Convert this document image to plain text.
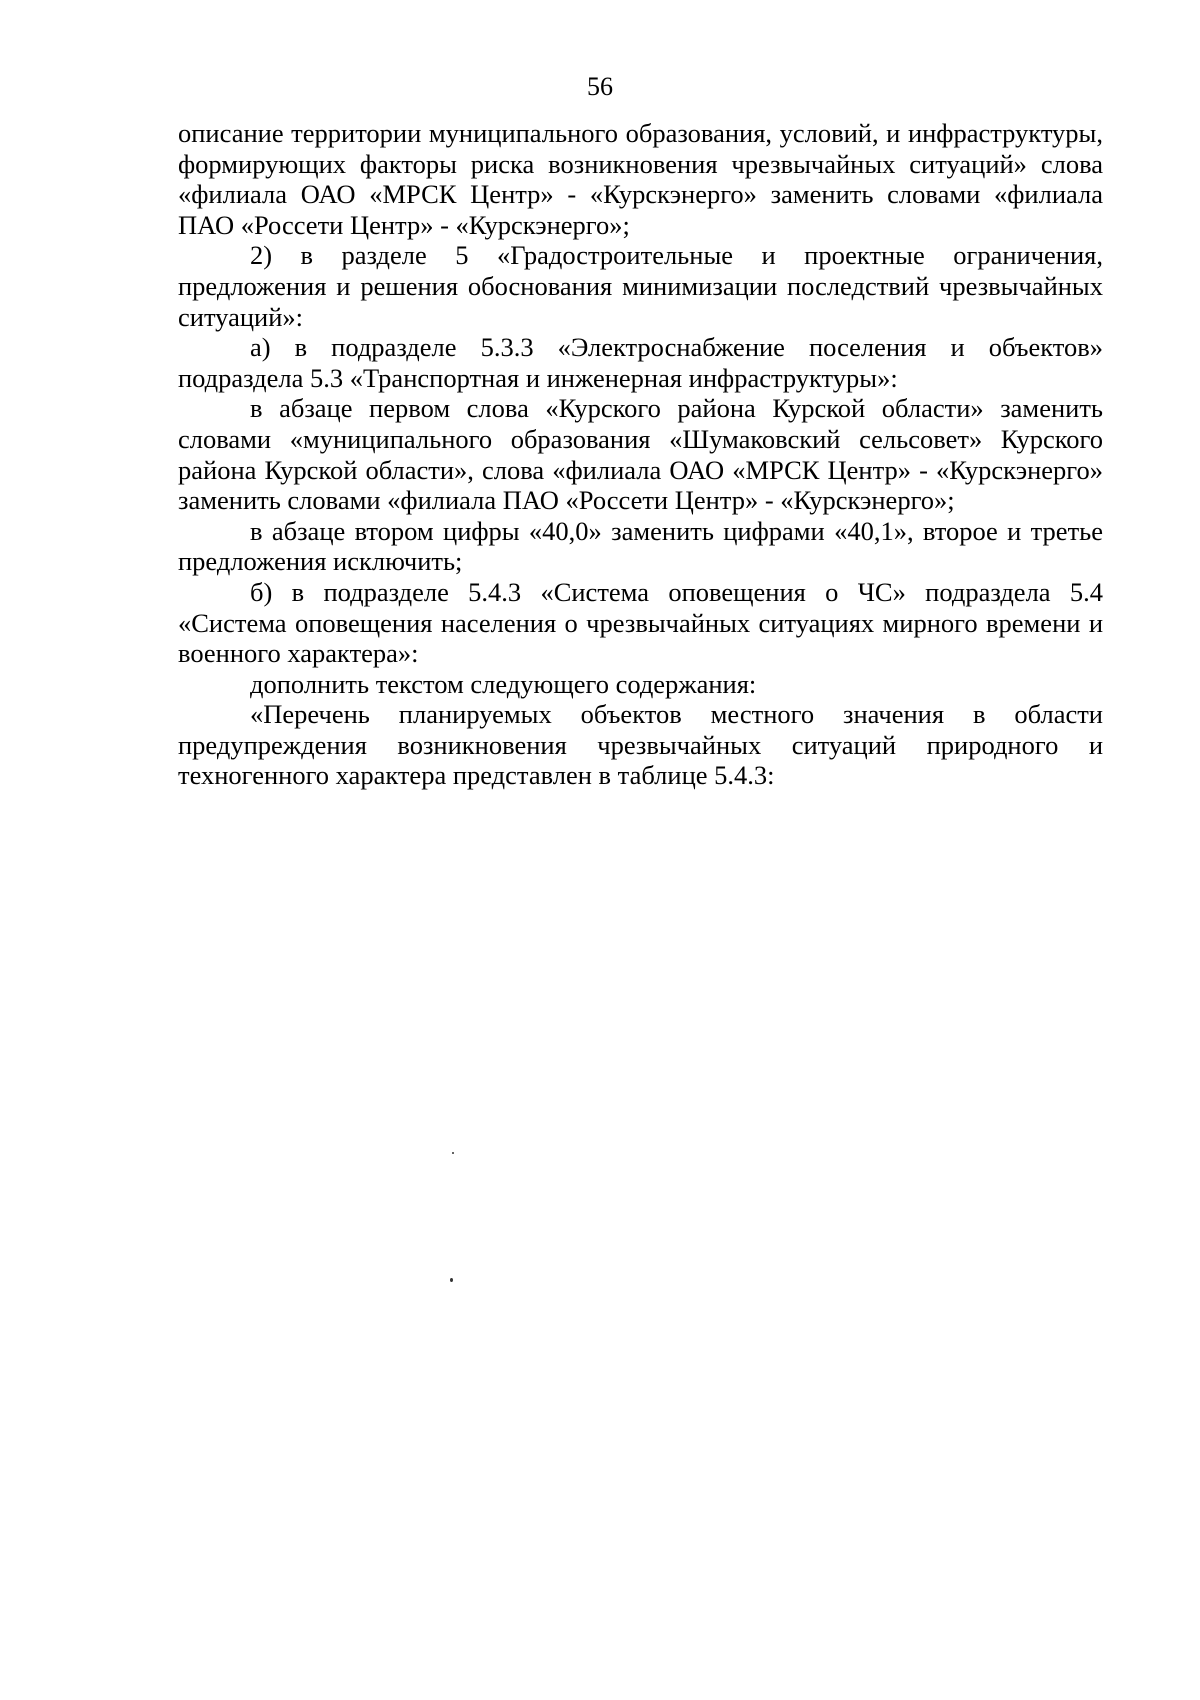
56

описание территории муниципального образования, условий, и инфраструктуры, формирующих факторы риска возникновения чрезвычайных ситуаций» слова «филиала ОАО «МРСК Центр» - «Курскэнерго» заменить словами «филиала ПАО «Россети Центр» - «Курскэнерго»;

2) в разделе 5 «Градостроительные и проектные ограничения, предложения и решения обоснования минимизации последствий чрезвычайных ситуаций»:

а) в подразделе 5.3.3 «Электроснабжение поселения и объектов» подраздела 5.3 «Транспортная и инженерная инфраструктуры»:

в абзаце первом слова «Курского района Курской области» заменить словами «муниципального образования «Шумаковский сельсовет» Курского района Курской области», слова «филиала ОАО «МРСК Центр» - «Курскэнерго» заменить словами «филиала ПАО «Россети Центр» - «Курскэнерго»;

в абзаце втором цифры «40,0» заменить цифрами «40,1», второе и третье предложения исключить;

б) в подразделе 5.4.3 «Система оповещения о ЧС» подраздела 5.4 «Система оповещения населения о чрезвычайных ситуациях мирного времени и военного характера»:

дополнить текстом следующего содержания:

«Перечень планируемых объектов местного значения в области предупреждения возникновения чрезвычайных ситуаций природного и техногенного характера представлен в таблице 5.4.3:
